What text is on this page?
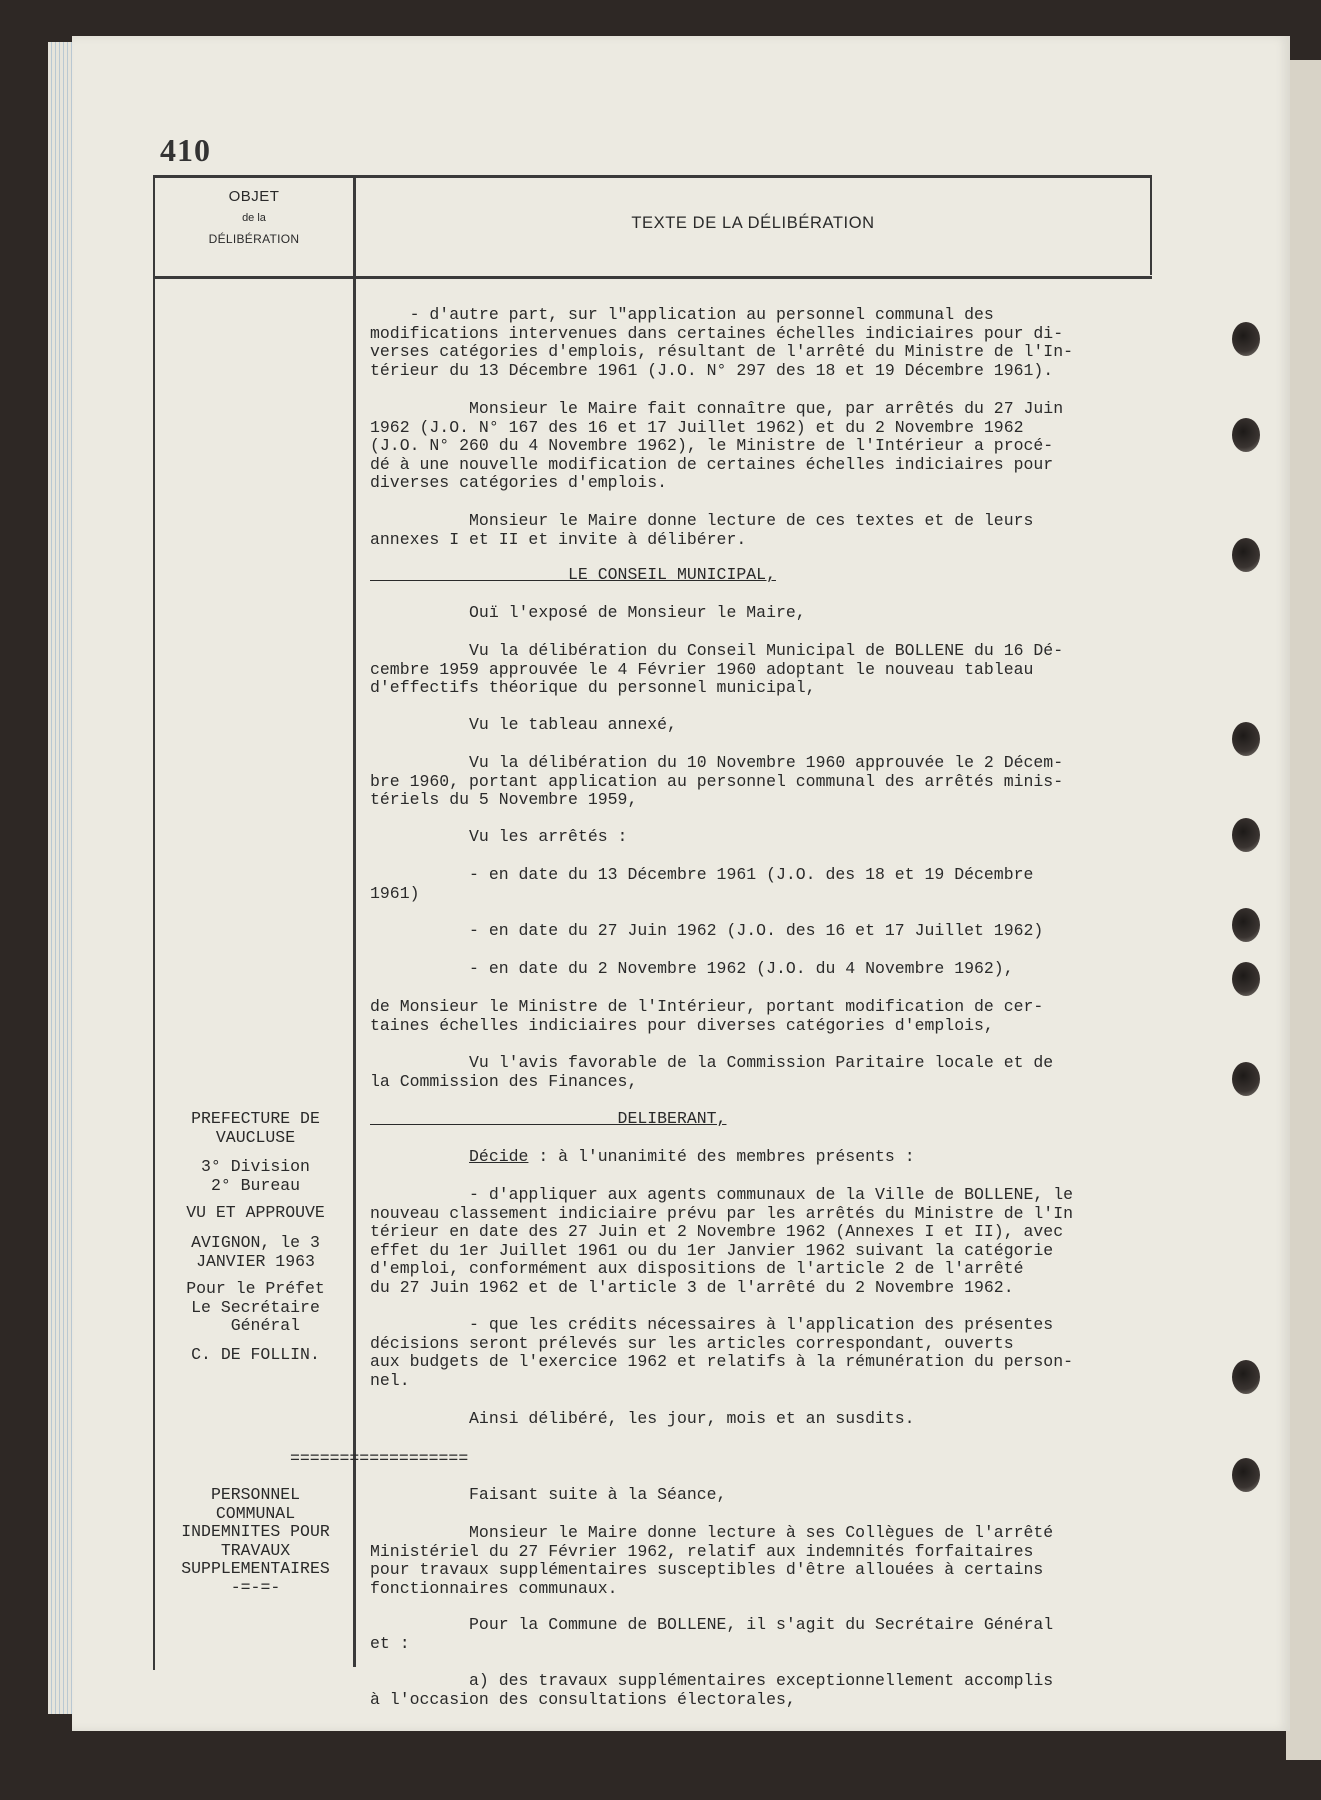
410
OBJET
de la
DÉLIBÉRATION
TEXTE DE LA DÉLIBÉRATION
- d'autre part, sur l"application au personnel communal des
modifications intervenues dans certaines échelles indiciaires pour di-
verses catégories d'emplois, résultant de l'arrêté du Ministre de l'In-
térieur du 13 Décembre 1961 (J.O. N° 297 des 18 et 19 Décembre 1961).
Monsieur le Maire fait connaître que, par arrêtés du 27 Juin
1962 (J.O. N° 167 des 16 et 17 Juillet 1962) et du 2 Novembre 1962
(J.O. N° 260 du 4 Novembre 1962), le Ministre de l'Intérieur a procé-
dé à une nouvelle modification de certaines échelles indiciaires pour
diverses catégories d'emplois.
Monsieur le Maire donne lecture de ces textes et de leurs
annexes I et II et invite à délibérer.
LE CONSEIL MUNICIPAL,
Ouï l'exposé de Monsieur le Maire,
Vu la délibération du Conseil Municipal de BOLLENE du 16 Dé-
cembre 1959 approuvée le 4 Février 1960 adoptant le nouveau tableau
d'effectifs théorique du personnel municipal,
Vu le tableau annexé,
Vu la délibération du 10 Novembre 1960 approuvée le 2 Décem-
bre 1960, portant application au personnel communal des arrêtés minis-
tériels du 5 Novembre 1959,
Vu les arrêtés :
- en date du 13 Décembre 1961 (J.O. des 18 et 19 Décembre
1961)
- en date du 27 Juin 1962 (J.O. des 16 et 17 Juillet 1962)
- en date du 2 Novembre 1962 (J.O. du 4 Novembre 1962),
de Monsieur le Ministre de l'Intérieur, portant modification de cer-
taines échelles indiciaires pour diverses catégories d'emplois,
Vu l'avis favorable de la Commission Paritaire locale et de
la Commission des Finances,
DELIBERANT,
Décide : à l'unanimité des membres présents :
- d'appliquer aux agents communaux de la Ville de BOLLENE, le
nouveau classement indiciaire prévu par les arrêtés du Ministre de l'In
térieur en date des 27 Juin et 2 Novembre 1962 (Annexes I et II), avec
effet du 1er Juillet 1961 ou du 1er Janvier 1962 suivant la catégorie
d'emploi, conformément aux dispositions de l'article 2 de l'arrêté
du 27 Juin 1962 et de l'article 3 de l'arrêté du 2 Novembre 1962.
- que les crédits nécessaires à l'application des présentes
décisions seront prélevés sur les articles correspondant, ouverts
aux budgets de l'exercice 1962 et relatifs à la rémunération du person-
nel.
Ainsi délibéré, les jour, mois et an susdits.
Faisant suite à la Séance,
Monsieur le Maire donne lecture à ses Collègues de l'arrêté
Ministériel du 27 Février 1962, relatif aux indemnités forfaitaires
pour travaux supplémentaires susceptibles d'être allouées à certains
fonctionnaires communaux.
Pour la Commune de BOLLENE, il s'agit du Secrétaire Général
et :
a) des travaux supplémentaires exceptionnellement accomplis
à l'occasion des consultations électorales,
PREFECTURE DE
VAUCLUSE
3° Division
2° Bureau
VU ET APPROUVE
AVIGNON, le 3
JANVIER 1963
Pour le Préfet
Le Secrétaire
Général
C. DE FOLLIN.
==================
PERSONNEL
COMMUNAL
INDEMNITES POUR
TRAVAUX
SUPPLEMENTAIRES
-=-=-
